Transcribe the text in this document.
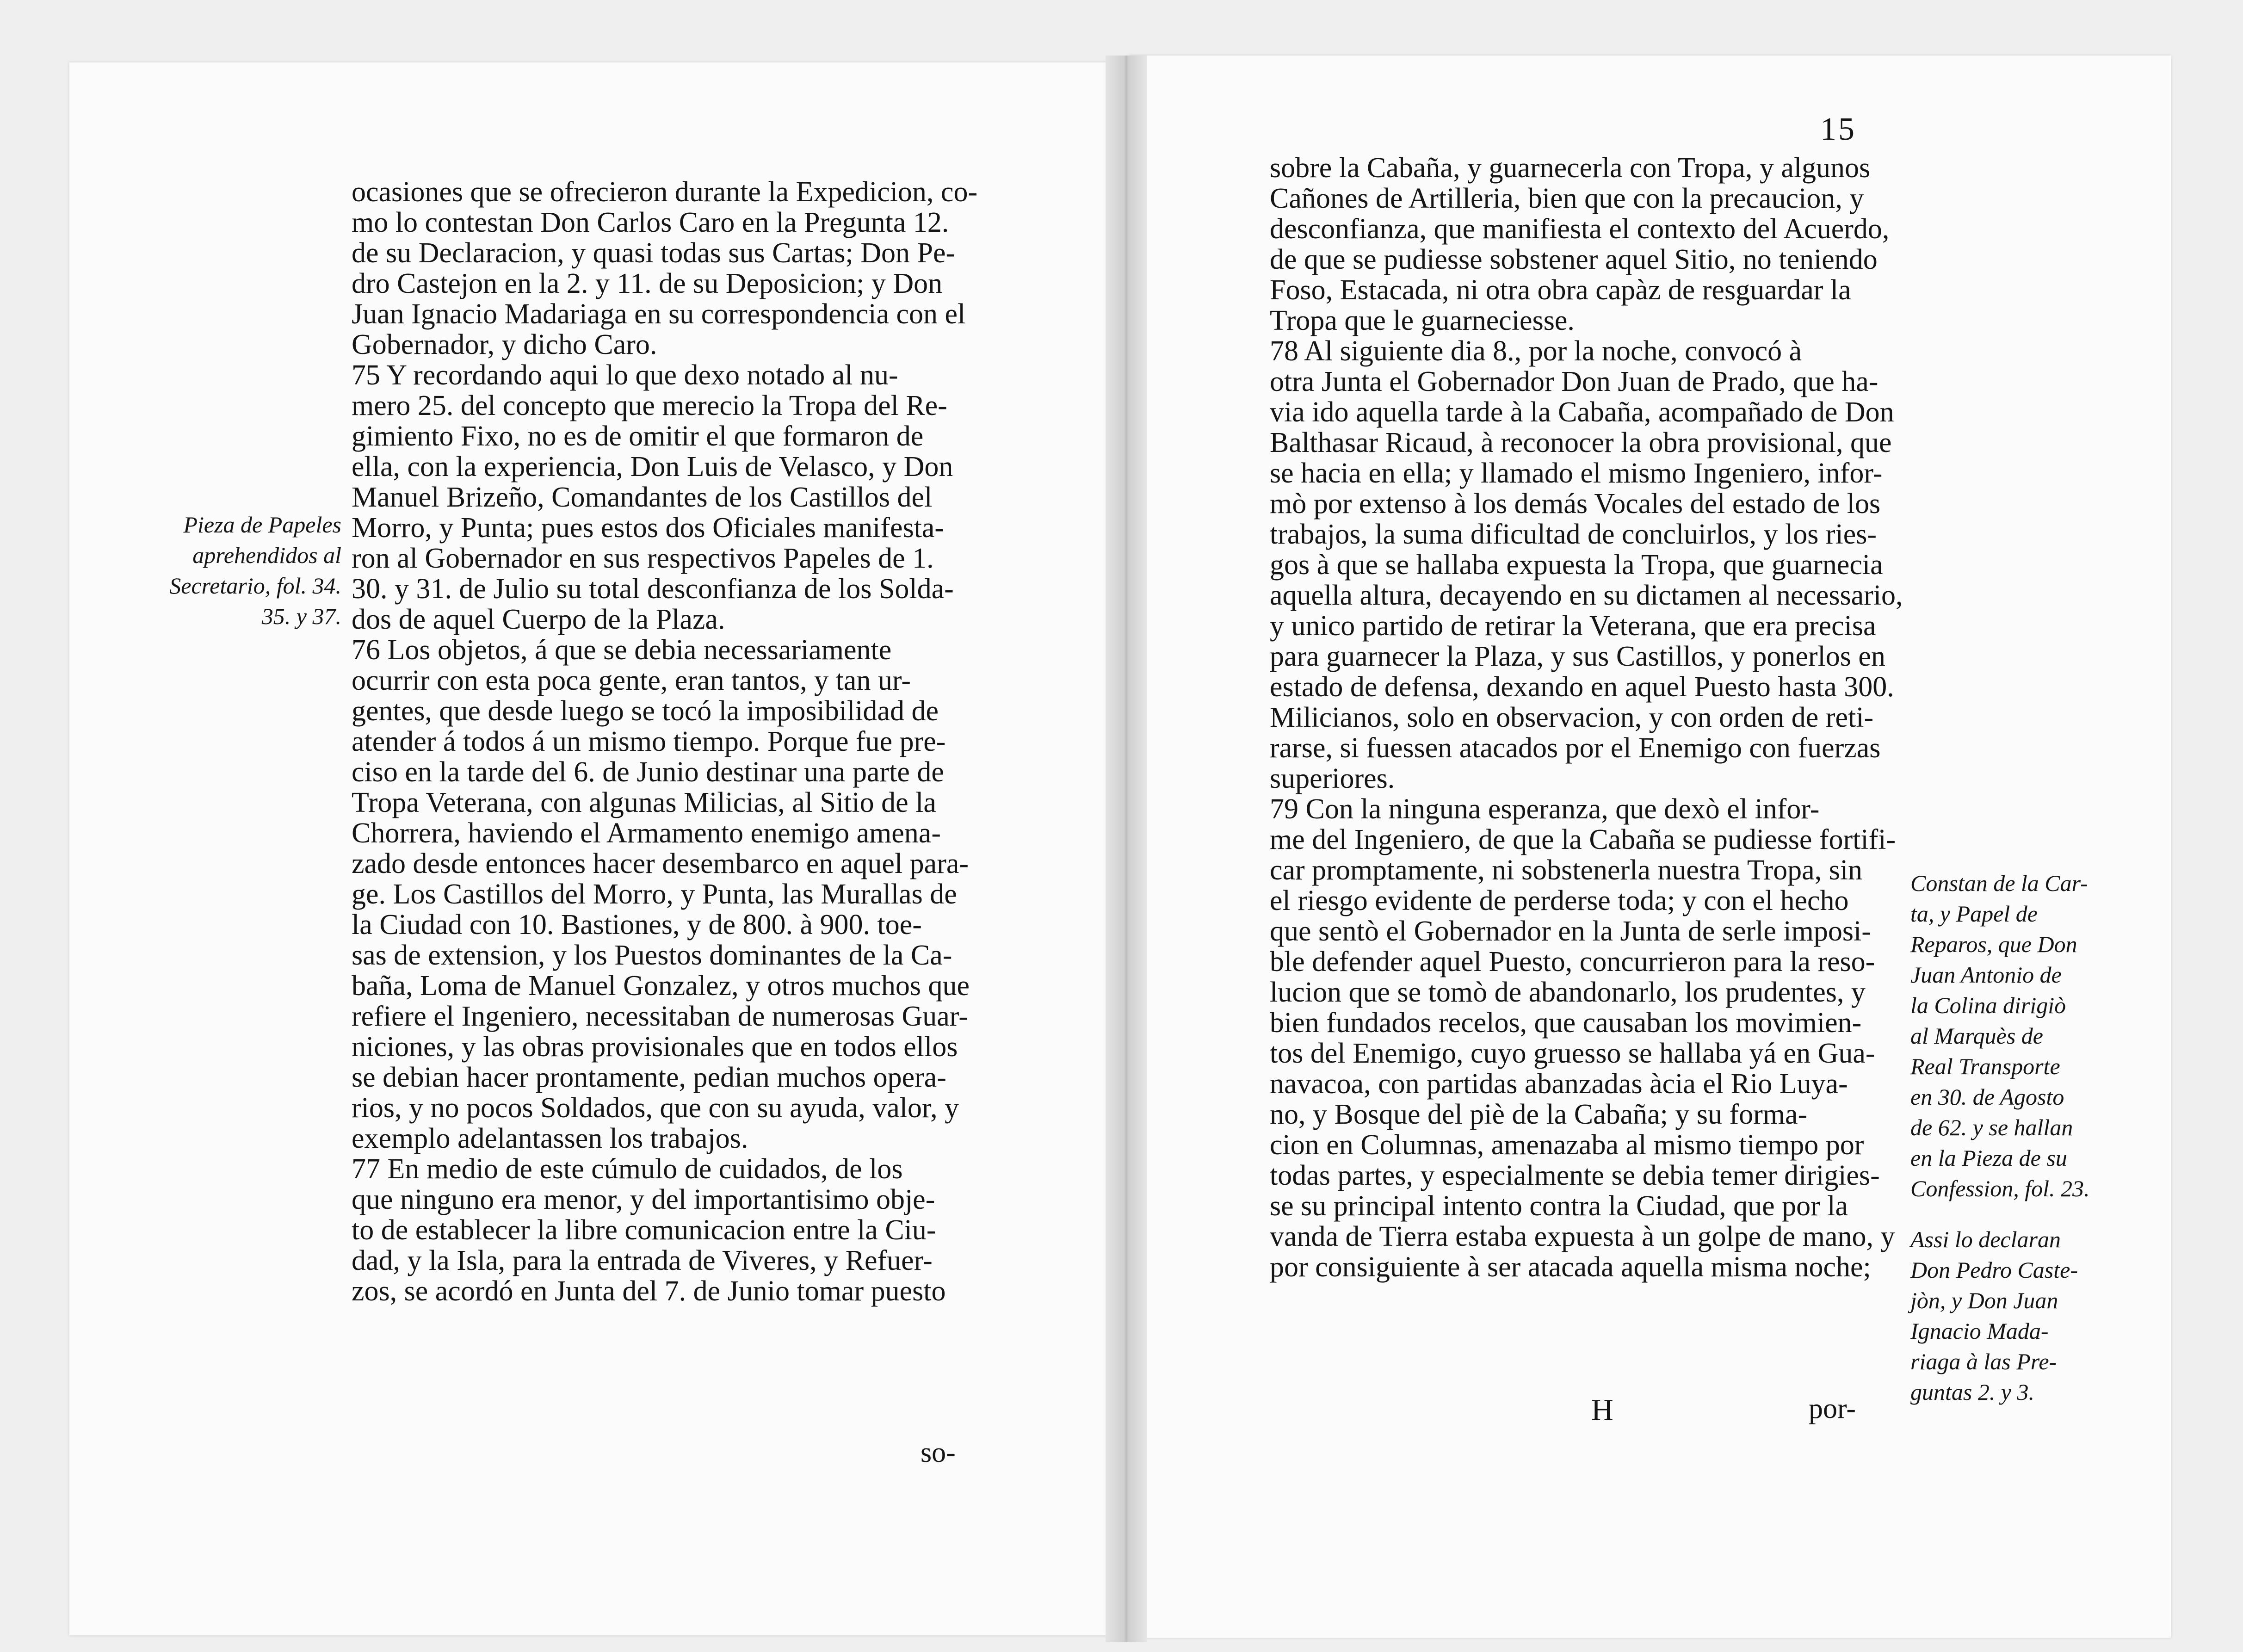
Pieza de Papeles
aprehendidos al
Secretario, fol. 34.
35. y 37.
ocasiones que se ofrecieron durante la Expedicion, co-
mo lo contestan Don Carlos Caro en la Pregunta 12.
de su Declaracion, y quasi todas sus Cartas; Don Pe-
dro Castejon en la 2. y 11. de su Deposicion; y Don
Juan Ignacio Madariaga en su correspondencia con el
Gobernador, y dicho Caro.
75 Y recordando aqui lo que dexo notado al nu-
mero 25. del concepto que merecio la Tropa del Re-
gimiento Fixo, no es de omitir el que formaron de
ella, con la experiencia, Don Luis de Velasco, y Don
Manuel Brizeño, Comandantes de los Castillos del
Morro, y Punta; pues estos dos Oficiales manifesta-
ron al Gobernador en sus respectivos Papeles de 1.
30. y 31. de Julio su total desconfianza de los Solda-
dos de aquel Cuerpo de la Plaza.
76 Los objetos, á que se debia necessariamente
ocurrir con esta poca gente, eran tantos, y tan ur-
gentes, que desde luego se tocó la imposibilidad de
atender á todos á un mismo tiempo. Porque fue pre-
ciso en la tarde del 6. de Junio destinar una parte de
Tropa Veterana, con algunas Milicias, al Sitio de la
Chorrera, haviendo el Armamento enemigo amena-
zado desde entonces hacer desembarco en aquel para-
ge. Los Castillos del Morro, y Punta, las Murallas de
la Ciudad con 10. Bastiones, y de 800. à 900. toe-
sas de extension, y los Puestos dominantes de la Ca-
baña, Loma de Manuel Gonzalez, y otros muchos que
refiere el Ingeniero, necessitaban de numerosas Guar-
niciones, y las obras provisionales que en todos ellos
se debian hacer prontamente, pedian muchos opera-
rios, y no pocos Soldados, que con su ayuda, valor, y
exemplo adelantassen los trabajos.
77 En medio de este cúmulo de cuidados, de los
que ninguno era menor, y del importantisimo obje-
to de establecer la libre comunicacion entre la Ciu-
dad, y la Isla, para la entrada de Viveres, y Refuer-
zos, se acordó en Junta del 7. de Junio tomar puesto
so-
15
sobre la Cabaña, y guarnecerla con Tropa, y algunos
Cañones de Artilleria, bien que con la precaucion, y
desconfianza, que manifiesta el contexto del Acuerdo,
de que se pudiesse sobstener aquel Sitio, no teniendo
Foso, Estacada, ni otra obra capàz de resguardar la
Tropa que le guarneciesse.
78 Al siguiente dia 8., por la noche, convocó à
otra Junta el Gobernador Don Juan de Prado, que ha-
via ido aquella tarde à la Cabaña, acompañado de Don
Balthasar Ricaud, à reconocer la obra provisional, que
se hacia en ella; y llamado el mismo Ingeniero, infor-
mò por extenso à los demás Vocales del estado de los
trabajos, la suma dificultad de concluirlos, y los ries-
gos à que se hallaba expuesta la Tropa, que guarnecia
aquella altura, decayendo en su dictamen al necessario,
y unico partido de retirar la Veterana, que era precisa
para guarnecer la Plaza, y sus Castillos, y ponerlos en
estado de defensa, dexando en aquel Puesto hasta 300.
Milicianos, solo en observacion, y con orden de reti-
rarse, si fuessen atacados por el Enemigo con fuerzas
superiores.
79 Con la ninguna esperanza, que dexò el infor-
me del Ingeniero, de que la Cabaña se pudiesse fortifi-
car promptamente, ni sobstenerla nuestra Tropa, sin
el riesgo evidente de perderse toda; y con el hecho
que sentò el Gobernador en la Junta de serle imposi-
ble defender aquel Puesto, concurrieron para la reso-
lucion que se tomò de abandonarlo, los prudentes, y
bien fundados recelos, que causaban los movimien-
tos del Enemigo, cuyo gruesso se hallaba yá en Gua-
navacoa, con partidas abanzadas àcia el Rio Luya-
no, y Bosque del piè de la Cabaña; y su forma-
cion en Columnas, amenazaba al mismo tiempo por
todas partes, y especialmente se debia temer dirigies-
se su principal intento contra la Ciudad, que por la
vanda de Tierra estaba expuesta à un golpe de mano, y
por consiguiente à ser atacada aquella misma noche;
H	por-
Constan de la Car-
ta, y Papel de
Reparos, que Don
Juan Antonio de
la Colina dirigiò
al Marquès de
Real Transporte
en 30. de Agosto
de 62. y se hallan
en la Pieza de su
Confession, fol. 23.
Assi lo declaran
Don Pedro Caste-
jòn, y Don Juan
Ignacio Mada-
riaga à las Pre-
guntas 2. y 3.
